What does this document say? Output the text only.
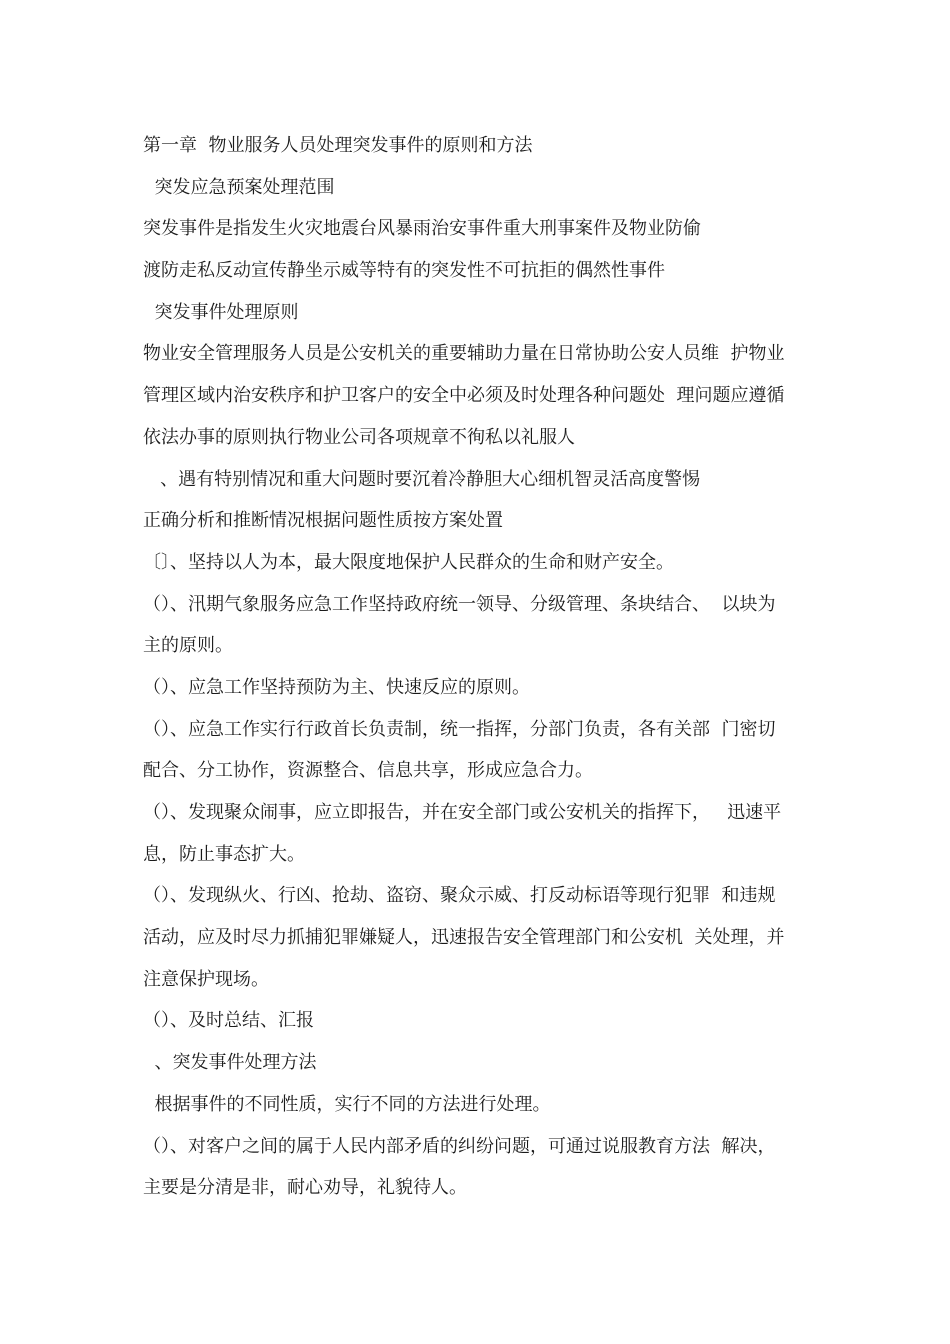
第一章  物业服务人员处理突发事件的原则和方法
突发应急预案处理范围
突发事件是指发生火灾地震台风暴雨治安事件重大刑事案件及物业防偷
渡防走私反动宣传静坐示威等特有的突发性不可抗拒的偶然性事件
突发事件处理原则
物业安全管理服务人员是公安机关的重要辅助力量在日常协助公安人员维  护物业
管理区域内治安秩序和护卫客户的安全中必须及时处理各种问题处  理问题应遵循
依法办事的原则执行物业公司各项规章不徇私以礼服人
、遇有特别情况和重大问题时要沉着冷静胆大心细机智灵活高度警惕
正确分析和推断情况根据问题性质按方案处置
〔〕、坚持以人为本，最大限度地保护人民群众的生命和财产安全。
（）、汛期气象服务应急工作坚持政府统一领导、分级管理、条块结合、  以块为
主的原则。
（）、应急工作坚持预防为主、快速反应的原则。
（）、应急工作实行行政首长负责制，统一指挥，分部门负责，各有关部  门密切
配合、分工协作，资源整合、信息共享，形成应急合力。
（）、发现聚众闹事，应立即报告，并在安全部门或公安机关的指挥下，   迅速平
息，防止事态扩大。
（）、发现纵火、行凶、抢劫、盗窃、聚众示威、打反动标语等现行犯罪  和违规
活动，应及时尽力抓捕犯罪嫌疑人，迅速报告安全管理部门和公安机  关处理，并
注意保护现场。
（）、及时总结、汇报
、突发事件处理方法
根据事件的不同性质，实行不同的方法进行处理。
（）、对客户之间的属于人民内部矛盾的纠纷问题，可通过说服教育方法  解决，
主要是分清是非，耐心劝导，礼貌待人。
